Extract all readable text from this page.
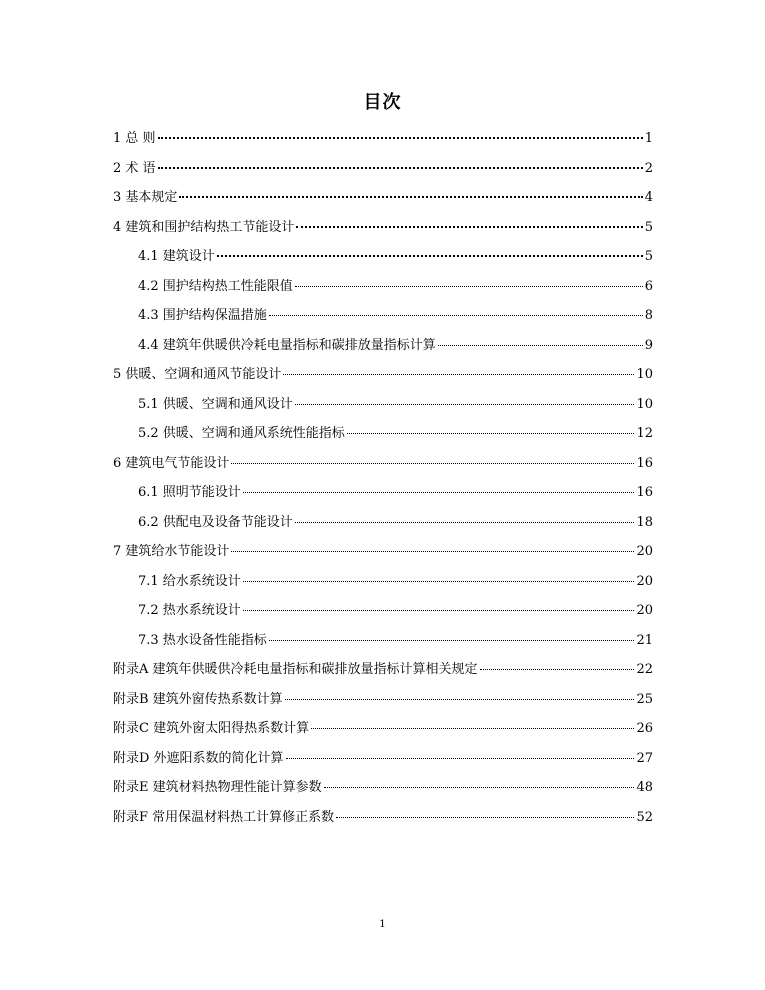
目次
1 总 则	1
2 术 语	2
3 基本规定	4
4 建筑和围护结构热工节能设计	5
4.1 建筑设计	5
4.2 围护结构热工性能限值	6
4.3 围护结构保温措施	8
4.4 建筑年供暖供冷耗电量指标和碳排放量指标计算	9
5 供暖、空调和通风节能设计	10
5.1 供暖、空调和通风设计	10
5.2 供暖、空调和通风系统性能指标	12
6 建筑电气节能设计	16
6.1 照明节能设计	16
6.2 供配电及设备节能设计	18
7 建筑给水节能设计	20
7.1 给水系统设计	20
7.2 热水系统设计	20
7.3 热水设备性能指标	21
附录A 建筑年供暖供冷耗电量指标和碳排放量指标计算相关规定	22
附录B 建筑外窗传热系数计算	25
附录C 建筑外窗太阳得热系数计算	26
附录D 外遮阳系数的简化计算	27
附录E 建筑材料热物理性能计算参数	48
附录F 常用保温材料热工计算修正系数	52
1
